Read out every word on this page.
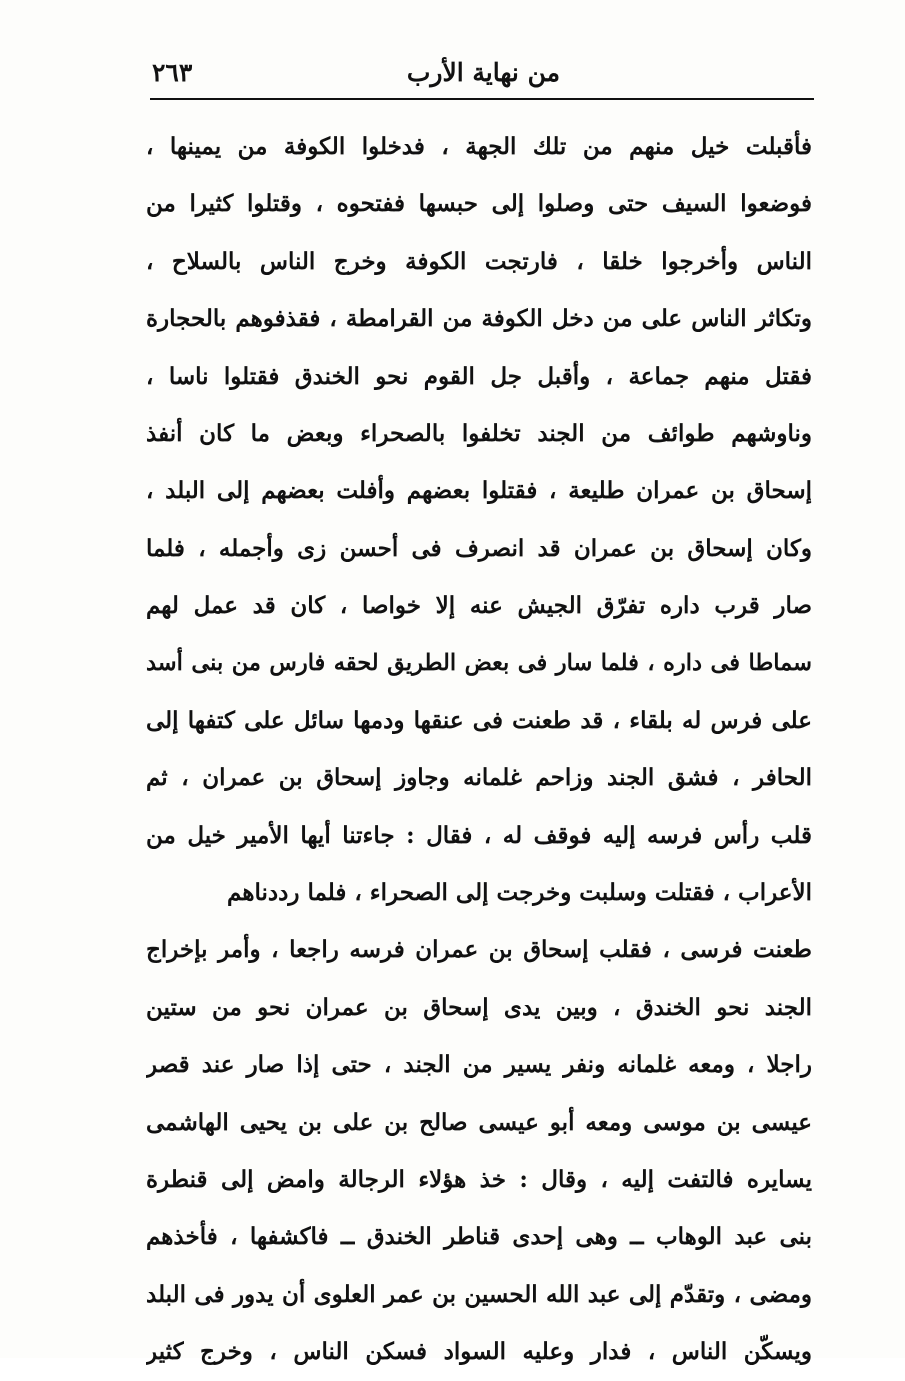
من نهاية الأرب
٢٦٣
فأقبلت خيل منهم من تلك الجهة ، فدخلوا الكوفة من يمينها ،
فوضعوا السيف حتى وصلوا إلى حبسها ففتحوه ، وقتلوا كثيرا من
الناس وأخرجوا خلقا ، فارتجت الكوفة وخرج الناس بالسلاح ،
وتكاثر الناس على من دخل الكوفة من القرامطة ، فقذفوهم بالحجارة
فقتل منهم جماعة ، وأقبل جل القوم نحو الخندق فقتلوا ناسا ،
وناوشهم طوائف من الجند تخلفوا بالصحراء وبعض ما كان أنفذ
إسحاق بن عمران طليعة ، فقتلوا بعضهم وأفلت بعضهم إلى البلد ،
وكان إسحاق بن عمران قد انصرف فى أحسن زى وأجمله ، فلما
صار قرب داره تفرّق الجيش عنه إلا خواصا ، كان قد عمل لهم
سماطا فى داره ، فلما سار فى بعض الطريق لحقه فارس من بنى أسد
على فرس له بلقاء ، قد طعنت فى عنقها ودمها سائل على كتفها إلى
الحافر ، فشق الجند وزاحم غلمانه وجاوز إسحاق بن عمران ، ثم
قلب رأس فرسه إليه فوقف له ، فقال : جاءتنا أيها الأمير خيل من
الأعراب ، فقتلت وسلبت وخرجت إلى الصحراء ، فلما رددناهم
طعنت فرسى ، فقلب إسحاق بن عمران فرسه راجعا ، وأمر بإخراج
الجند نحو الخندق ، وبين يدى إسحاق بن عمران نحو من ستين
راجلا ، ومعه غلمانه ونفر يسير من الجند ، حتى إذا صار عند قصر
عيسى بن موسى ومعه أبو عيسى صالح بن على بن يحيى الهاشمى
يسايره فالتفت إليه ، وقال : خذ هؤلاء الرجالة وامض إلى قنطرة
بنى عبد الوهاب ــ وهى إحدى قناطر الخندق ــ فاكشفها ، فأخذهم
ومضى ، وتقدّم إلى عبد الله الحسين بن عمر العلوى أن يدور فى البلد
ويسكّن الناس ، فدار وعليه السواد فسكن الناس ، وخرج كثير
